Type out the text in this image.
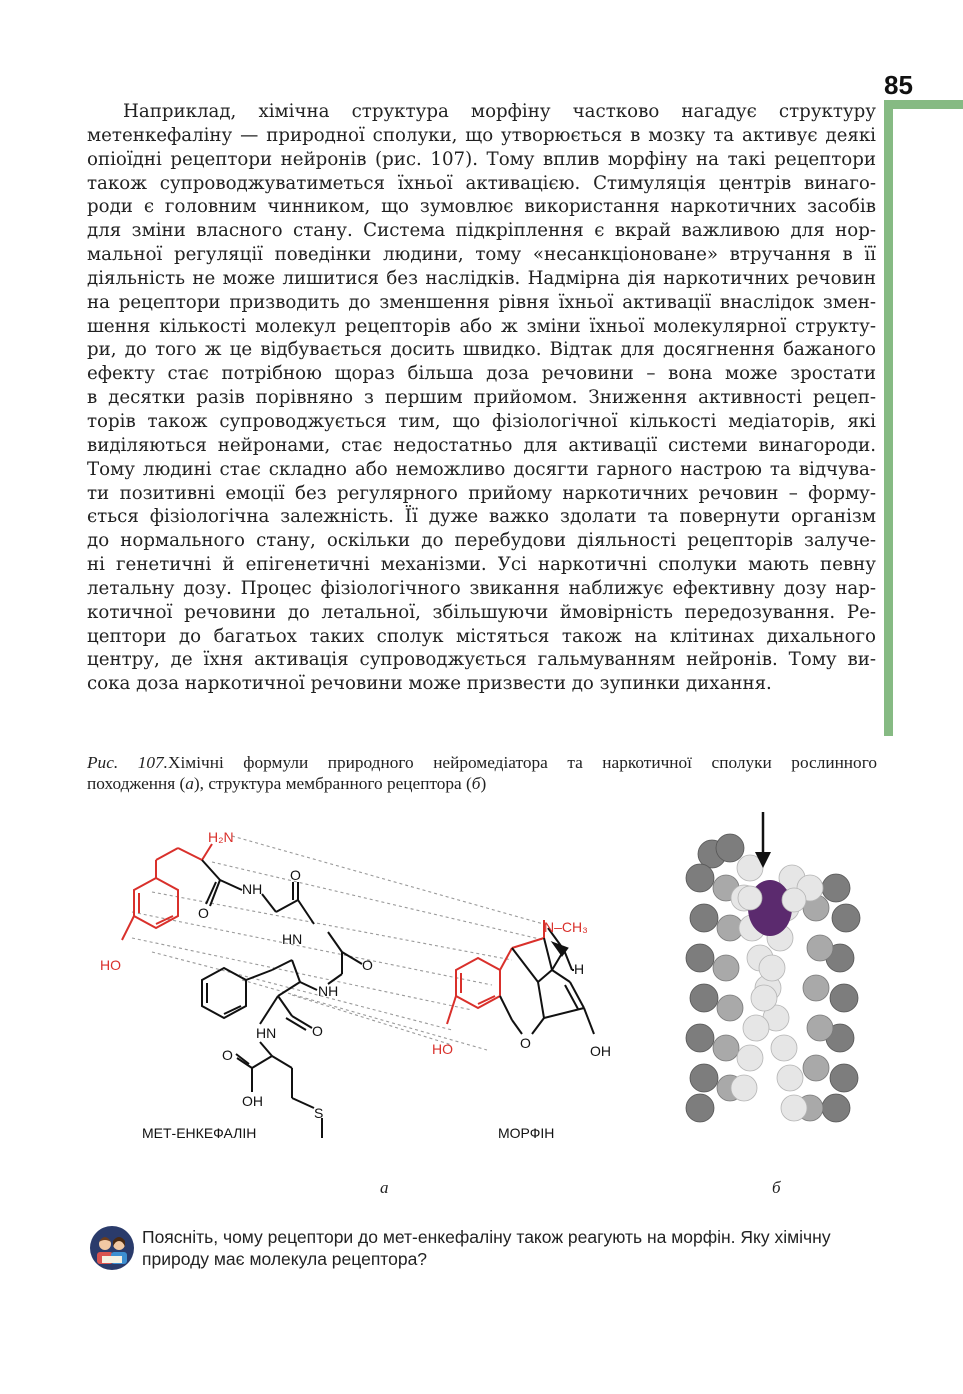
85
Наприклад, хімічна структура морфіну частково нагадує структуру
метенкефаліну — природної сполуки, що утворюється в мозку та активує деякі
опіоїдні рецептори нейронів (рис. 107). Тому вплив морфіну на такі рецептори
також супроводжуватиметься їхньої активацією. Стимуляція центрів винаго-
роди є головним чинником, що зумовлює використання наркотичних засобів
для зміни власного стану. Система підкріплення є вкрай важливою для нор-
мальної регуляції поведінки людини, тому «несанкціоноване» втручання в її
діяльність не може лишитися без наслідків. Надмірна дія наркотичних речовин
на рецептори призводить до зменшення рівня їхньої активації внаслідок змен-
шення кількості молекул рецепторів або ж зміни їхньої молекулярної структу-
ри, до того ж це відбувається досить швидко. Відтак для досягнення бажаного
ефекту стає потрібною щораз більша доза речовини – вона може зростати
в десятки разів порівняно з першим прийомом. Зниження активності рецеп-
торів також супроводжується тим, що фізіологічної кількості медіаторів, які
виділяються нейронами, стає недостатньо для активації системи винагороди.
Тому людині стає складно або неможливо досягти гарного настрою та відчува-
ти позитивні емоції без регулярного прийому наркотичних речовин – форму-
ється фізіологічна залежність. Її дуже важко здолати та повернути організм
до нормального стану, оскільки до перебудови діяльності рецепторів залуче-
ні генетичні й епігенетичні механізми. Усі наркотичні сполуки мають певну
летальну дозу. Процес фізіологічного звикання наближує ефективну дозу нар-
котичної речовини до летальної, збільшуючи ймовірність передозування. Ре-
цептори до багатьох таких сполук містяться також на клітинах дихального
центру, де їхня активація супроводжується гальмуванням нейронів. Тому ви-
сока доза наркотичної речовини може призвести до зупинки дихання.
Рис. 107.Хімічні формули природного нейромедіатора та наркотичної сполуки рослинного
походження (а), структура мембранного рецептора (б)
H₂N
NH
O
O
HN
O
NH
HN	O
O
OH
S
HO
N–CH₃
H
O	OH
HO
МЕТ-ЕНКЕФАЛІН	МОРФІН
а	б
Поясніть, чому рецептори до мет-енкефаліну також реагують на морфін. Яку хімічну
природу має молекула рецептора?
